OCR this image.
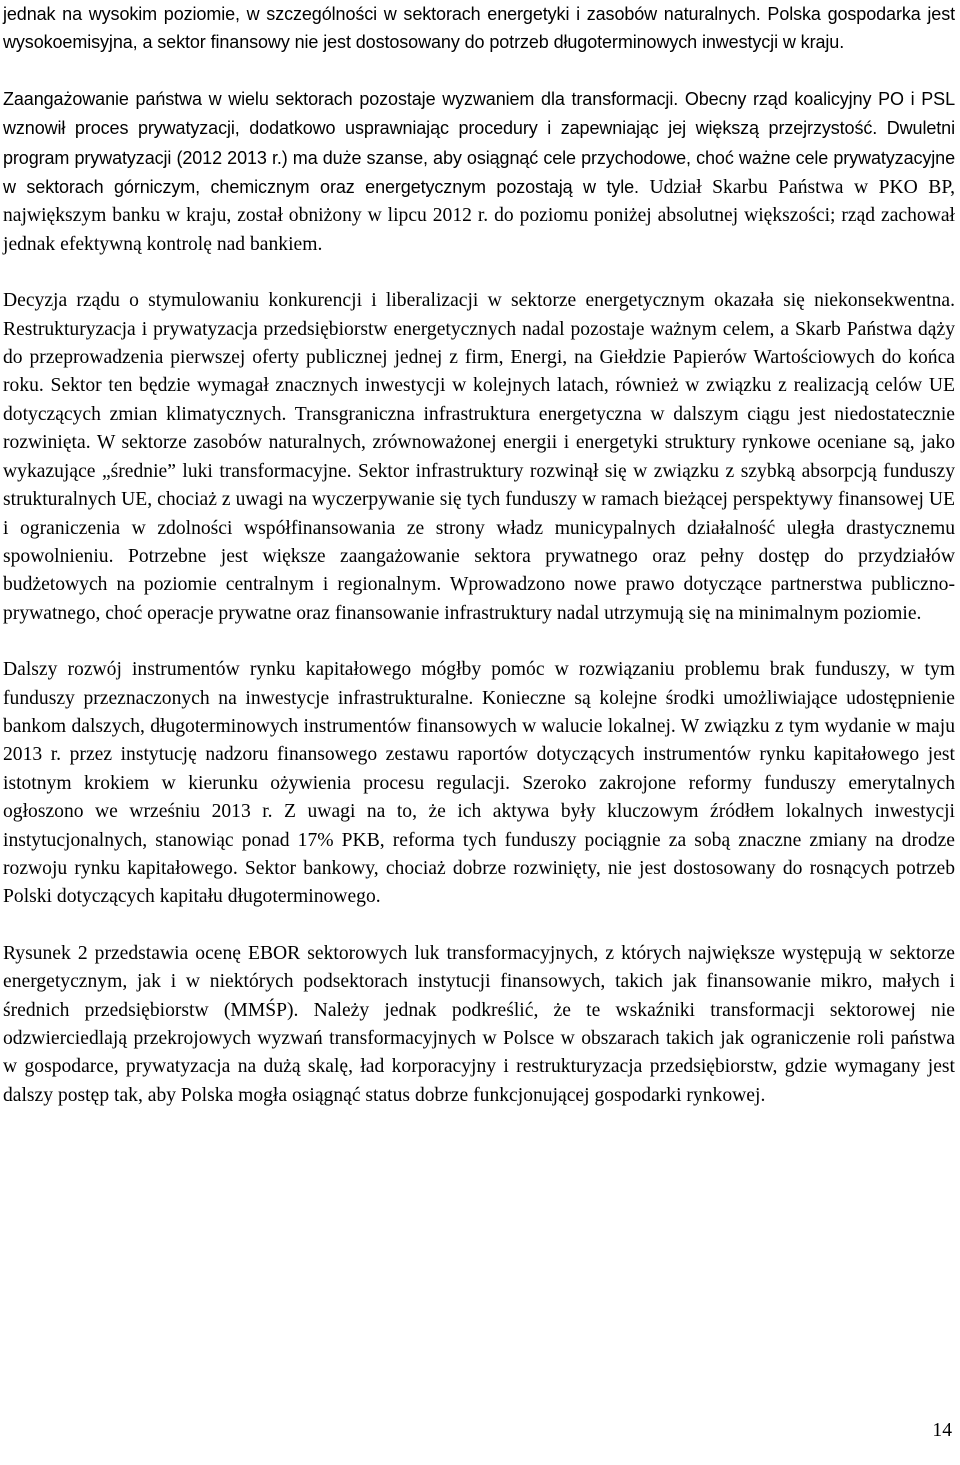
jednak na wysokim poziomie, w szczególności w sektorach energetyki i zasobów naturalnych. Polska gospodarka jest wysokoemisyjna, a sektor finansowy nie jest dostosowany do potrzeb długoterminowych inwestycji w kraju.

Zaangażowanie państwa w wielu sektorach pozostaje wyzwaniem dla transformacji. Obecny rząd koalicyjny PO i PSL wznowił proces prywatyzacji, dodatkowo usprawniając procedury i zapewniając jej większą przejrzystość. Dwuletni program prywatyzacji (2012 2013 r.) ma duże szanse, aby osiągnąć cele przychodowe, choć ważne cele prywatyzacyjne w sektorach górniczym, chemicznym oraz energetycznym pozostają w tyle. Udział Skarbu Państwa w PKO BP, największym banku w kraju, został obniżony w lipcu 2012 r. do poziomu poniżej absolutnej większości; rząd zachował jednak efektywną kontrolę nad bankiem.

Decyzja rządu o stymulowaniu konkurencji i liberalizacji w sektorze energetycznym okazała się niekonsekwentna. Restrukturyzacja i prywatyzacja przedsiębiorstw energetycznych nadal pozostaje ważnym celem, a Skarb Państwa dąży do przeprowadzenia pierwszej oferty publicznej jednej z firm, Energi, na Giełdzie Papierów Wartościowych do końca roku. Sektor ten będzie wymagał znacznych inwestycji w kolejnych latach, również w związku z realizacją celów UE dotyczących zmian klimatycznych. Transgraniczna infrastruktura energetyczna w dalszym ciągu jest niedostatecznie rozwinięta. W sektorze zasobów naturalnych, zrównoważonej energii i energetyki struktury rynkowe oceniane są, jako wykazujące „średnie” luki transformacyjne. Sektor infrastruktury rozwinął się w związku z szybką absorpcją funduszy strukturalnych UE, chociaż z uwagi na wyczerpywanie się tych funduszy w ramach bieżącej perspektywy finansowej UE i ograniczenia w zdolności współfinansowania ze strony władz municypalnych działalność uległa drastycznemu spowolnieniu. Potrzebne jest większe zaangażowanie sektora prywatnego oraz pełny dostęp do przydziałów budżetowych na poziomie centralnym i regionalnym. Wprowadzono nowe prawo dotyczące partnerstwa publiczno-prywatnego, choć operacje prywatne oraz finansowanie infrastruktury nadal utrzymują się na minimalnym poziomie.

Dalszy rozwój instrumentów rynku kapitałowego mógłby pomóc w rozwiązaniu problemu brak funduszy, w tym funduszy przeznaczonych na inwestycje infrastrukturalne. Konieczne są kolejne środki umożliwiające udostępnienie bankom dalszych, długoterminowych instrumentów finansowych w walucie lokalnej. W związku z tym wydanie w maju 2013 r. przez instytucję nadzoru finansowego zestawu raportów dotyczących instrumentów rynku kapitałowego jest istotnym krokiem w kierunku ożywienia procesu regulacji. Szeroko zakrojone reformy funduszy emerytalnych ogłoszono we wrześniu 2013 r. Z uwagi na to, że ich aktywa były kluczowym źródłem lokalnych inwestycji instytucjonalnych, stanowiąc ponad 17% PKB, reforma tych funduszy pociągnie za sobą znaczne zmiany na drodze rozwoju rynku kapitałowego. Sektor bankowy, chociaż dobrze rozwinięty, nie jest dostosowany do rosnących potrzeb Polski dotyczących kapitału długoterminowego.

Rysunek 2 przedstawia ocenę EBOR sektorowych luk transformacyjnych, z których największe występują w sektorze energetycznym, jak i w niektórych podsektorach instytucji finansowych, takich jak finansowanie mikro, małych i średnich przedsiębiorstw (MMŚP). Należy jednak podkreślić, że te wskaźniki transformacji sektorowej nie odzwierciedlają przekrojowych wyzwań transformacyjnych w Polsce w obszarach takich jak ograniczenie roli państwa w gospodarce, prywatyzacja na dużą skalę, ład korporacyjny i restrukturyzacja przedsiębiorstw, gdzie wymagany jest dalszy postęp tak, aby Polska mogła osiągnąć status dobrze funkcjonującej gospodarki rynkowej.

14
